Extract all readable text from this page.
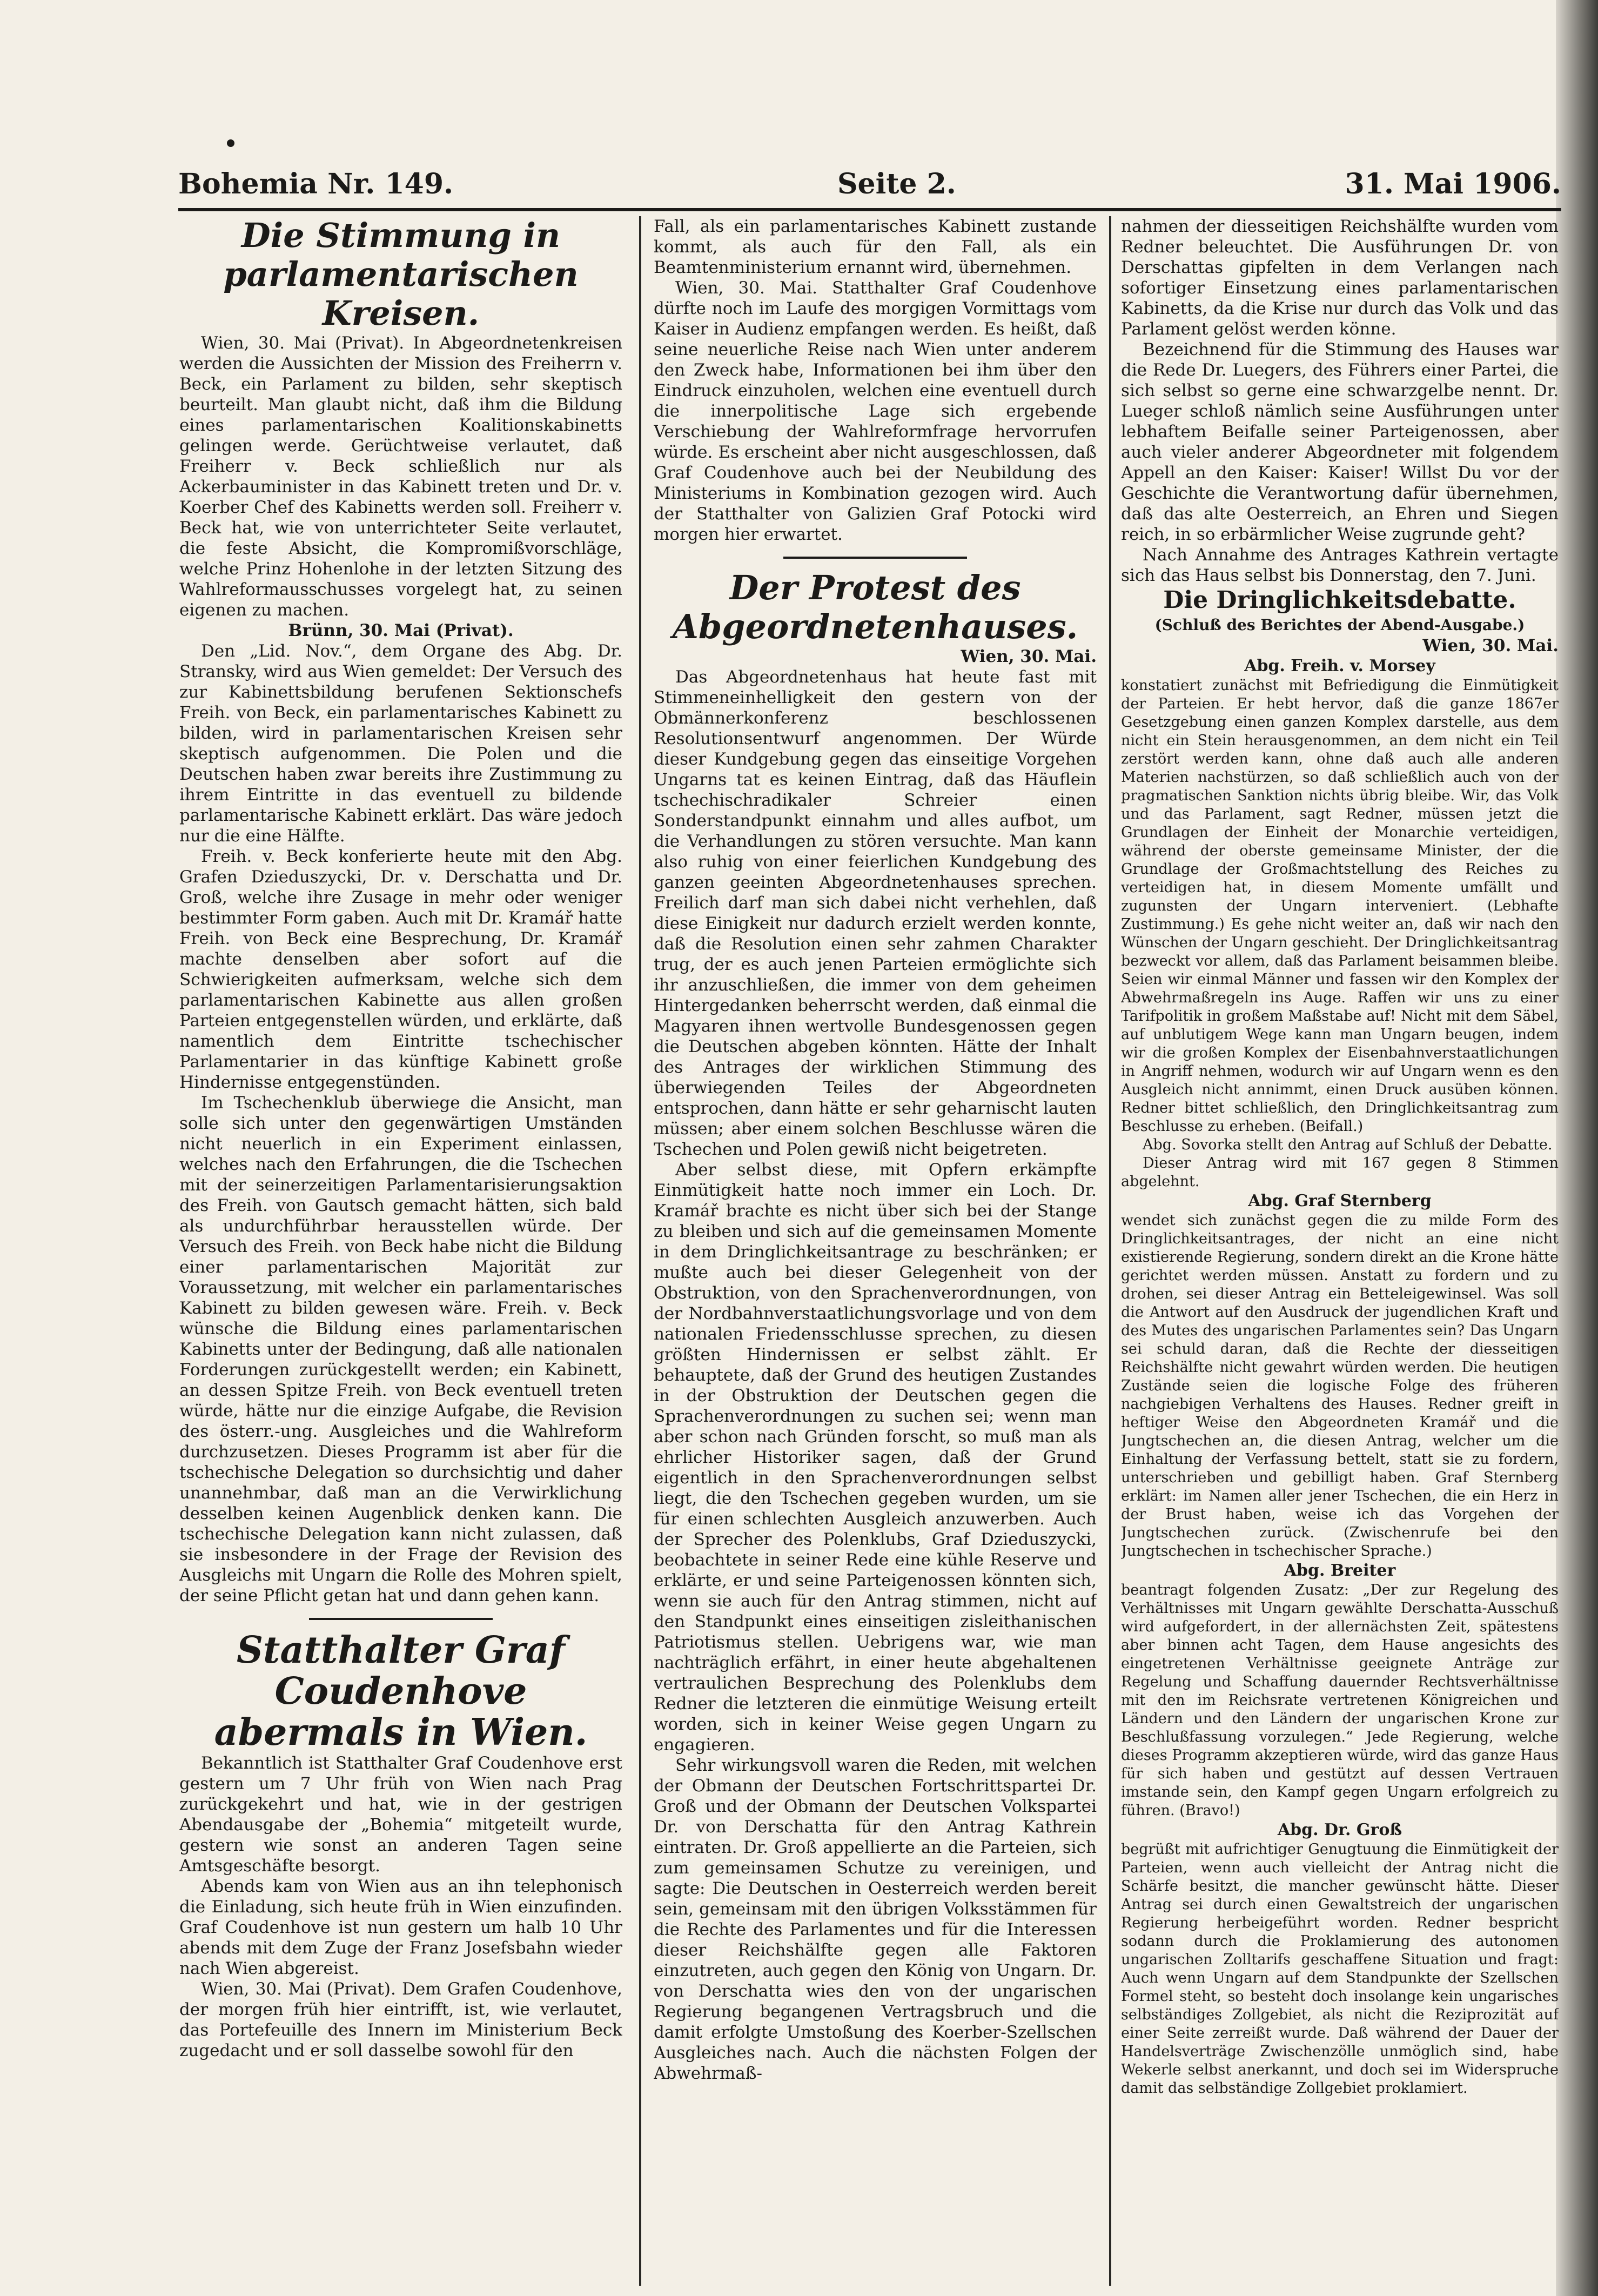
Bohemia Nr. 149.	Seite 2.	31. Mai 1906.

Die Stimmung in parlamentarischen Kreisen.

Wien, 30. Mai (Privat). In Abgeordnetenkreisen werden die Aussichten der Mission des Freiherrn v. Beck, ein Parlament zu bilden, sehr skeptisch beurteilt. Man glaubt nicht, daß ihm die Bildung eines parlamentarischen Koalitionskabinetts gelingen werde. Gerüchtweise verlautet, daß Freiherr v. Beck schließlich nur als Ackerbauminister in das Kabinett treten und Dr. v. Koerber Chef des Kabinetts werden soll. Freiherr v. Beck hat, wie von unterrichteter Seite verlautet, die feste Absicht, die Kompromißvorschläge, welche Prinz Hohenlohe in der letzten Sitzung des Wahlreformausschusses vorgelegt hat, zu seinen eigenen zu machen.

Brünn, 30. Mai (Privat).

Den „Lid. Nov.“, dem Organe des Abg. Dr. Stransky, wird aus Wien gemeldet: Der Versuch des zur Kabinettsbildung berufenen Sektionschefs Freih. von Beck, ein parlamentarisches Kabinett zu bilden, wird in parlamentarischen Kreisen sehr skeptisch aufgenommen. Die Polen und die Deutschen haben zwar bereits ihre Zustimmung zu ihrem Eintritte in das eventuell zu bildende parlamentarische Kabinett erklärt. Das wäre jedoch nur die eine Hälfte.

Freih. v. Beck konferierte heute mit den Abg. Grafen Dzieduszycki, Dr. v. Derschatta und Dr. Groß, welche ihre Zusage in mehr oder weniger bestimmter Form gaben. Auch mit Dr. Kramář hatte Freih. von Beck eine Besprechung, Dr. Kramář machte denselben aber sofort auf die Schwierigkeiten aufmerksam, welche sich dem parlamentarischen Kabinette aus allen großen Parteien entgegenstellen würden, und erklärte, daß namentlich dem Eintritte tschechischer Parlamentarier in das künftige Kabinett große Hindernisse entgegenstünden.

Im Tschechenklub überwiege die Ansicht, man solle sich unter den gegenwärtigen Umständen nicht neuerlich in ein Experiment einlassen, welches nach den Erfahrungen, die die Tschechen mit der seinerzeitigen Parlamentarisierungsaktion des Freih. von Gautsch gemacht hätten, sich bald als undurchführbar herausstellen würde. Der Versuch des Freih. von Beck habe nicht die Bildung einer parlamentarischen Majorität zur Voraussetzung, mit welcher ein parlamentarisches Kabinett zu bilden gewesen wäre. Freih. v. Beck wünsche die Bildung eines parlamentarischen Kabinetts unter der Bedingung, daß alle nationalen Forderungen zurückgestellt werden; ein Kabinett, an dessen Spitze Freih. von Beck eventuell treten würde, hätte nur die einzige Aufgabe, die Revision des österr.-ung. Ausgleiches und die Wahlreform durchzusetzen. Dieses Programm ist aber für die tschechische Delegation so durchsichtig und daher unannehmbar, daß man an die Verwirklichung desselben keinen Augenblick denken kann. Die tschechische Delegation kann nicht zulassen, daß sie insbesondere in der Frage der Revision des Ausgleichs mit Ungarn die Rolle des Mohren spielt, der seine Pflicht getan hat und dann gehen kann.

Statthalter Graf Coudenhove abermals in Wien.

Bekanntlich ist Statthalter Graf Coudenhove erst gestern um 7 Uhr früh von Wien nach Prag zurückgekehrt und hat, wie in der gestrigen Abendausgabe der „Bohemia“ mitgeteilt wurde, gestern wie sonst an anderen Tagen seine Amtsgeschäfte besorgt.

Abends kam von Wien aus an ihn telephonisch die Einladung, sich heute früh in Wien einzufinden. Graf Coudenhove ist nun gestern um halb 10 Uhr abends mit dem Zuge der Franz Josefsbahn wieder nach Wien abgereist.

Wien, 30. Mai (Privat). Dem Grafen Coudenhove, der morgen früh hier eintrifft, ist, wie verlautet, das Portefeuille des Innern im Ministerium Beck zugedacht und er soll dasselbe sowohl für den

Fall, als ein parlamentarisches Kabinett zustande kommt, als auch für den Fall, als ein Beamtenministerium ernannt wird, übernehmen.

Wien, 30. Mai. Statthalter Graf Coudenhove dürfte noch im Laufe des morgigen Vormittags vom Kaiser in Audienz empfangen werden. Es heißt, daß seine neuerliche Reise nach Wien unter anderem den Zweck habe, Informationen bei ihm über den Eindruck einzuholen, welchen eine eventuell durch die innerpolitische Lage sich ergebende Verschiebung der Wahlreformfrage hervorrufen würde. Es erscheint aber nicht ausgeschlossen, daß Graf Coudenhove auch bei der Neubildung des Ministeriums in Kombination gezogen wird. Auch der Statthalter von Galizien Graf Potocki wird morgen hier erwartet.

Der Protest des Abgeordnetenhauses.

Wien, 30. Mai.

Das Abgeordnetenhaus hat heute fast mit Stimmeneinhelligkeit den gestern von der Obmännerkonferenz beschlossenen Resolutionsentwurf angenommen. Der Würde dieser Kundgebung gegen das einseitige Vorgehen Ungarns tat es keinen Eintrag, daß das Häuflein tschechischradikaler Schreier einen Sonderstandpunkt einnahm und alles aufbot, um die Verhandlungen zu stören versuchte. Man kann also ruhig von einer feierlichen Kundgebung des ganzen geeinten Abgeordnetenhauses sprechen. Freilich darf man sich dabei nicht verhehlen, daß diese Einigkeit nur dadurch erzielt werden konnte, daß die Resolution einen sehr zahmen Charakter trug, der es auch jenen Parteien ermöglichte sich ihr anzuschließen, die immer von dem geheimen Hintergedanken beherrscht werden, daß einmal die Magyaren ihnen wertvolle Bundesgenossen gegen die Deutschen abgeben könnten. Hätte der Inhalt des Antrages der wirklichen Stimmung des überwiegenden Teiles der Abgeordneten entsprochen, dann hätte er sehr geharnischt lauten müssen; aber einem solchen Beschlusse wären die Tschechen und Polen gewiß nicht beigetreten.

Aber selbst diese, mit Opfern erkämpfte Einmütigkeit hatte noch immer ein Loch. Dr. Kramář brachte es nicht über sich bei der Stange zu bleiben und sich auf die gemeinsamen Momente in dem Dringlichkeitsantrage zu beschränken; er mußte auch bei dieser Gelegenheit von der Obstruktion, von den Sprachenverordnungen, von der Nordbahnverstaatlichungsvorlage und von dem nationalen Friedensschlusse sprechen, zu diesen größten Hindernissen er selbst zählt. Er behauptete, daß der Grund des heutigen Zustandes in der Obstruktion der Deutschen gegen die Sprachenverordnungen zu suchen sei; wenn man aber schon nach Gründen forscht, so muß man als ehrlicher Historiker sagen, daß der Grund eigentlich in den Sprachenverordnungen selbst liegt, die den Tschechen gegeben wurden, um sie für einen schlechten Ausgleich anzuwerben. Auch der Sprecher des Polenklubs, Graf Dzieduszycki, beobachtete in seiner Rede eine kühle Reserve und erklärte, er und seine Parteigenossen könnten sich, wenn sie auch für den Antrag stimmen, nicht auf den Standpunkt eines einseitigen zisleithanischen Patriotismus stellen. Uebrigens war, wie man nachträglich erfährt, in einer heute abgehaltenen vertraulichen Besprechung des Polenklubs dem Redner die letzteren die einmütige Weisung erteilt worden, sich in keiner Weise gegen Ungarn zu engagieren.

Sehr wirkungsvoll waren die Reden, mit welchen der Obmann der Deutschen Fortschrittspartei Dr. Groß und der Obmann der Deutschen Volkspartei Dr. von Derschatta für den Antrag Kathrein eintraten. Dr. Groß appellierte an die Parteien, sich zum gemeinsamen Schutze zu vereinigen, und sagte: Die Deutschen in Oesterreich werden bereit sein, gemeinsam mit den übrigen Volksstämmen für die Rechte des Parlamentes und für die Interessen dieser Reichshälfte gegen alle Faktoren einzutreten, auch gegen den König von Ungarn. Dr. von Derschatta wies den von der ungarischen Regierung begangenen Vertragsbruch und die damit erfolgte Umstoßung des Koerber-Szellschen Ausgleiches nach. Auch die nächsten Folgen der Abwehrmaß-

nahmen der diesseitigen Reichshälfte wurden vom Redner beleuchtet. Die Ausführungen Dr. von Derschattas gipfelten in dem Verlangen nach sofortiger Einsetzung eines parlamentarischen Kabinetts, da die Krise nur durch das Volk und das Parlament gelöst werden könne.

Bezeichnend für die Stimmung des Hauses war die Rede Dr. Luegers, des Führers einer Partei, die sich selbst so gerne eine schwarzgelbe nennt. Dr. Lueger schloß nämlich seine Ausführungen unter lebhaftem Beifalle seiner Parteigenossen, aber auch vieler anderer Abgeordneter mit folgendem Appell an den Kaiser: Kaiser! Willst Du vor der Geschichte die Verantwortung dafür übernehmen, daß das alte Oesterreich, an Ehren und Siegen reich, in so erbärmlicher Weise zugrunde geht?

Nach Annahme des Antrages Kathrein vertagte sich das Haus selbst bis Donnerstag, den 7. Juni.

Die Dringlichkeitsdebatte.

(Schluß des Berichtes der Abend-Ausgabe.)

Wien, 30. Mai.

Abg. Freih. v. Morsey

konstatiert zunächst mit Befriedigung die Einmütigkeit der Parteien. Er hebt hervor, daß die ganze 1867er Gesetzgebung einen ganzen Komplex darstelle, aus dem nicht ein Stein herausgenommen, an dem nicht ein Teil zerstört werden kann, ohne daß auch alle anderen Materien nachstürzen, so daß schließlich auch von der pragmatischen Sanktion nichts übrig bleibe. Wir, das Volk und das Parlament, sagt Redner, müssen jetzt die Grundlagen der Einheit der Monarchie verteidigen, während der oberste gemeinsame Minister, der die Grundlage der Großmachtstellung des Reiches zu verteidigen hat, in diesem Momente umfällt und zugunsten der Ungarn interveniert. (Lebhafte Zustimmung.) Es gehe nicht weiter an, daß wir nach den Wünschen der Ungarn geschieht. Der Dringlichkeitsantrag bezweckt vor allem, daß das Parlament beisammen bleibe. Seien wir einmal Männer und fassen wir den Komplex der Abwehrmaßregeln ins Auge. Raffen wir uns zu einer Tarifpolitik in großem Maßstabe auf! Nicht mit dem Säbel, auf unblutigem Wege kann man Ungarn beugen, indem wir die großen Komplex der Eisenbahnverstaatlichungen in Angriff nehmen, wodurch wir auf Ungarn wenn es den Ausgleich nicht annimmt, einen Druck ausüben können. Redner bittet schließlich, den Dringlichkeitsantrag zum Beschlusse zu erheben. (Beifall.)

Abg. Sovorka stellt den Antrag auf Schluß der Debatte.

Dieser Antrag wird mit 167 gegen 8 Stimmen abgelehnt.

Abg. Graf Sternberg

wendet sich zunächst gegen die zu milde Form des Dringlichkeitsantrages, der nicht an eine nicht existierende Regierung, sondern direkt an die Krone hätte gerichtet werden müssen. Anstatt zu fordern und zu drohen, sei dieser Antrag ein Betteleigewinsel. Was soll die Antwort auf den Ausdruck der jugendlichen Kraft und des Mutes des ungarischen Parlamentes sein? Das Ungarn sei schuld daran, daß die Rechte der diesseitigen Reichshälfte nicht gewahrt würden werden. Die heutigen Zustände seien die logische Folge des früheren nachgiebigen Verhaltens des Hauses. Redner greift in heftiger Weise den Abgeordneten Kramář und die Jungtschechen an, die diesen Antrag, welcher um die Einhaltung der Verfassung bettelt, statt sie zu fordern, unterschrieben und gebilligt haben. Graf Sternberg erklärt: im Namen aller jener Tschechen, die ein Herz in der Brust haben, weise ich das Vorgehen der Jungtschechen zurück. (Zwischenrufe bei den Jungtschechen in tschechischer Sprache.)

Abg. Breiter

beantragt folgenden Zusatz: „Der zur Regelung des Verhältnisses mit Ungarn gewählte Derschatta-Ausschuß wird aufgefordert, in der allernächsten Zeit, spätestens aber binnen acht Tagen, dem Hause angesichts des eingetretenen Verhältnisse geeignete Anträge zur Regelung und Schaffung dauernder Rechtsverhältnisse mit den im Reichsrate vertretenen Königreichen und Ländern und den Ländern der ungarischen Krone zur Beschlußfassung vorzulegen.“ Jede Regierung, welche dieses Programm akzeptieren würde, wird das ganze Haus für sich haben und gestützt auf dessen Vertrauen imstande sein, den Kampf gegen Ungarn erfolgreich zu führen. (Bravo!)

Abg. Dr. Groß

begrüßt mit aufrichtiger Genugtuung die Einmütigkeit der Parteien, wenn auch vielleicht der Antrag nicht die Schärfe besitzt, die mancher gewünscht hätte. Dieser Antrag sei durch einen Gewaltstreich der ungarischen Regierung herbeigeführt worden. Redner bespricht sodann durch die Proklamierung des autonomen ungarischen Zolltarifs geschaffene Situation und fragt: Auch wenn Ungarn auf dem Standpunkte der Szellschen Formel steht, so besteht doch insolange kein ungarisches selbständiges Zollgebiet, als nicht die Reziprozität auf einer Seite zerreißt wurde. Daß während der Dauer der Handelsverträge Zwischenzölle unmöglich sind, habe Wekerle selbst anerkannt, und doch sei im Widerspruche damit das selbständige Zollgebiet proklamiert.
